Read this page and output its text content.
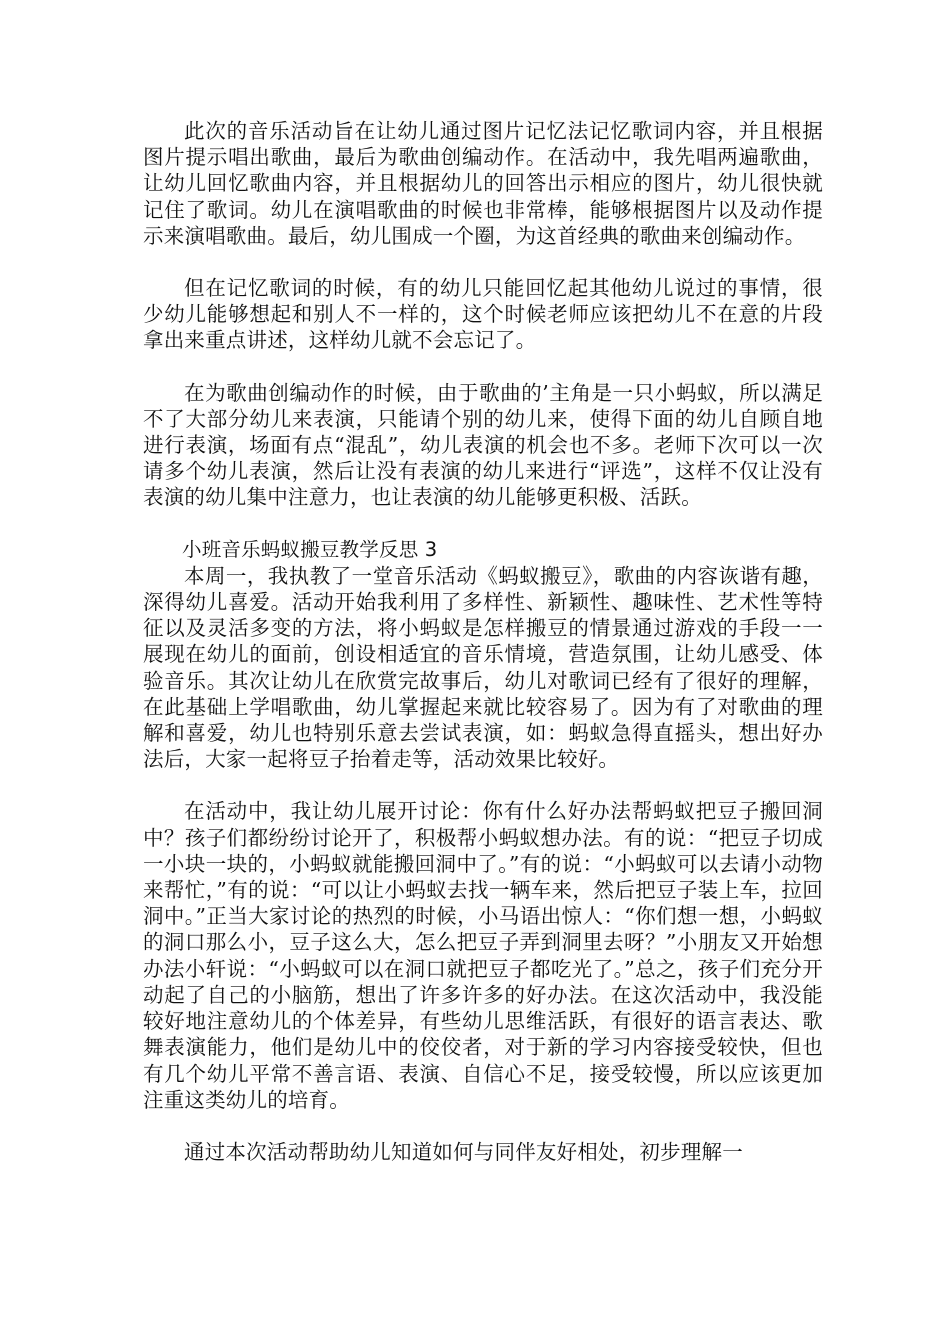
此次的音乐活动旨在让幼儿通过图片记忆法记忆歌词内容，并且根据图片提示唱出歌曲，最后为歌曲创编动作。在活动中，我先唱两遍歌曲，让幼儿回忆歌曲内容，并且根据幼儿的回答出示相应的图片，幼儿很快就记住了歌词。幼儿在演唱歌曲的时候也非常棒，能够根据图片以及动作提示来演唱歌曲。最后，幼儿围成一个圈，为这首经典的歌曲来创编动作。

但在记忆歌词的时候，有的幼儿只能回忆起其他幼儿说过的事情，很少幼儿能够想起和别人不一样的，这个时候老师应该把幼儿不在意的片段拿出来重点讲述，这样幼儿就不会忘记了。

在为歌曲创编动作的时候，由于歌曲的’主角是一只小蚂蚁，所以满足不了大部分幼儿来表演，只能请个别的幼儿来，使得下面的幼儿自顾自地进行表演，场面有点“混乱”，幼儿表演的机会也不多。老师下次可以一次请多个幼儿表演，然后让没有表演的幼儿来进行“评选”，这样不仅让没有表演的幼儿集中注意力，也让表演的幼儿能够更积极、活跃。

小班音乐蚂蚁搬豆教学反思 3

本周一，我执教了一堂音乐活动《蚂蚁搬豆》，歌曲的内容诙谐有趣，深得幼儿喜爱。活动开始我利用了多样性、新颖性、趣味性、艺术性等特征以及灵活多变的方法，将小蚂蚁是怎样搬豆的情景通过游戏的手段一一展现在幼儿的面前，创设相适宜的音乐情境，营造氛围，让幼儿感受、体验音乐。其次让幼儿在欣赏完故事后，幼儿对歌词已经有了很好的理解，在此基础上学唱歌曲，幼儿掌握起来就比较容易了。因为有了对歌曲的理解和喜爱，幼儿也特别乐意去尝试表演，如：蚂蚁急得直摇头，想出好办法后，大家一起将豆子抬着走等，活动效果比较好。

在活动中，我让幼儿展开讨论：你有什么好办法帮蚂蚁把豆子搬回洞中？孩子们都纷纷讨论开了，积极帮小蚂蚁想办法。有的说：“把豆子切成一小块一块的，小蚂蚁就能搬回洞中了。”有的说：“小蚂蚁可以去请小动物来帮忙，”有的说：“可以让小蚂蚁去找一辆车来，然后把豆子装上车，拉回洞中。”正当大家讨论的热烈的时候，小马语出惊人：“你们想一想，小蚂蚁的洞口那么小，豆子这么大，怎么把豆子弄到洞里去呀？”小朋友又开始想办法小轩说：“小蚂蚁可以在洞口就把豆子都吃光了。”总之，孩子们充分开动起了自己的小脑筋，想出了许多许多的好办法。在这次活动中，我没能较好地注意幼儿的个体差异，有些幼儿思维活跃，有很好的语言表达、歌舞表演能力，他们是幼儿中的佼佼者，对于新的学习内容接受较快，但也有几个幼儿平常不善言语、表演、自信心不足，接受较慢，所以应该更加注重这类幼儿的培育。

通过本次活动帮助幼儿知道如何与同伴友好相处，初步理解一
